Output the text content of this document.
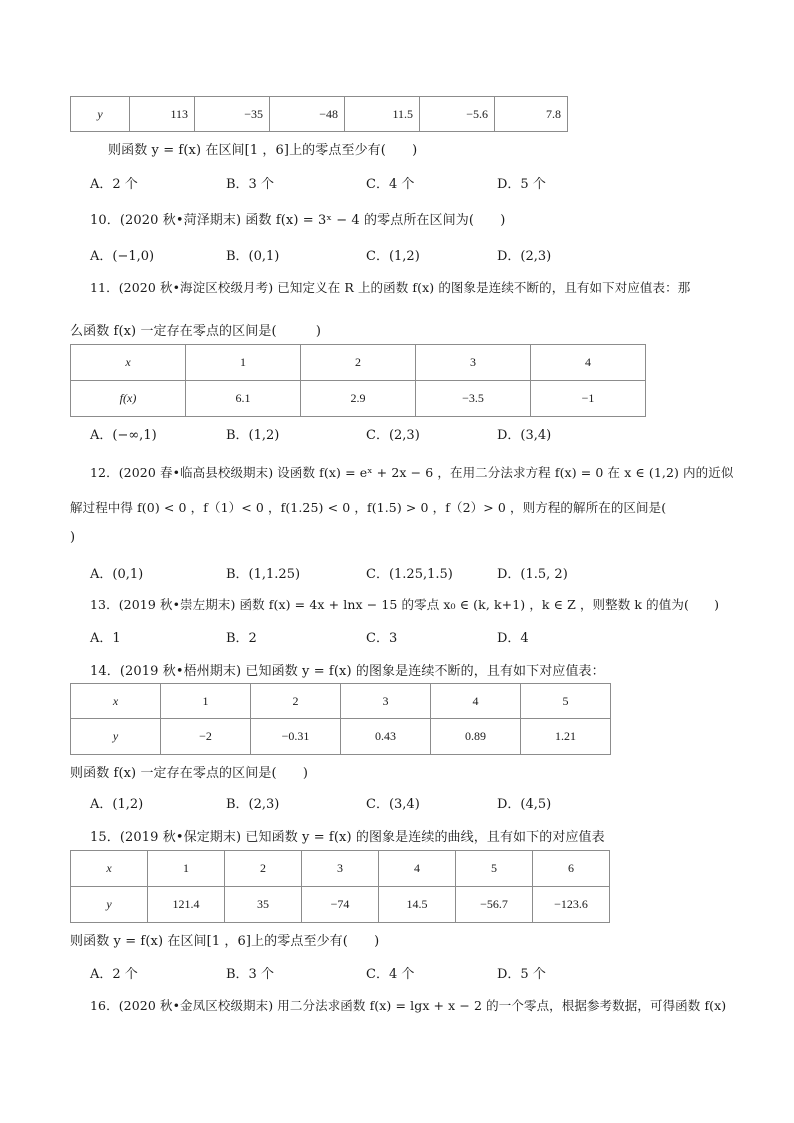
y	113	−35	−48	11.5	−5.6	7.8
则函数 y = f(x) 在区间[1 ，6]上的零点至少有(　　)
A．2 个	B．3 个	C．4 个	D．5 个
10．(2020 秋•菏泽期末) 函数 f(x) = 3ˣ − 4 的零点所在区间为(　　)
A．(−1,0)	B．(0,1)	C．(1,2)	D．(2,3)
11．(2020 秋•海淀区校级月考) 已知定义在 R 上的函数 f(x) 的图象是连续不断的，且有如下对应值表：那
么函数 f(x) 一定存在零点的区间是(　　　)
x	1	2	3	4
f(x)	6.1	2.9	−3.5	−1
A．(−∞,1)	B．(1,2)	C．(2,3)	D．(3,4)
12．(2020 春•临高县校级期末) 设函数 f(x) = eˣ + 2x − 6 ，在用二分法求方程 f(x) = 0 在 x ∈ (1,2) 内的近似
解过程中得 f(0) < 0 ，f（1）< 0 ，f(1.25) < 0 ，f(1.5) > 0 ，f（2）> 0 ，则方程的解所在的区间是(
)
A．(0,1)	B．(1,1.25)	C．(1.25,1.5)	D．(1.5, 2)
13．(2019 秋•崇左期末) 函数 f(x) = 4x + lnx − 15 的零点 x₀ ∈ (k, k+1) ，k ∈ Z ，则整数 k 的值为(　　)
A．1	B．2	C．3	D．4
14．(2019 秋•梧州期末) 已知函数 y = f(x) 的图象是连续不断的，且有如下对应值表：
x	1	2	3	4	5
y	−2	−0.31	0.43	0.89	1.21
则函数 f(x) 一定存在零点的区间是(　　)
A．(1,2)	B．(2,3)	C．(3,4)	D．(4,5)
15．(2019 秋•保定期末) 已知函数 y = f(x) 的图象是连续的曲线，且有如下的对应值表
x	1	2	3	4	5	6
y	121.4	35	−74	14.5	−56.7	−123.6
则函数 y = f(x) 在区间[1 ，6]上的零点至少有(　　)
A．2 个	B．3 个	C．4 个	D．5 个
16．(2020 秋•金凤区校级期末) 用二分法求函数 f(x) = lgx + x − 2 的一个零点，根据参考数据，可得函数 f(x)
